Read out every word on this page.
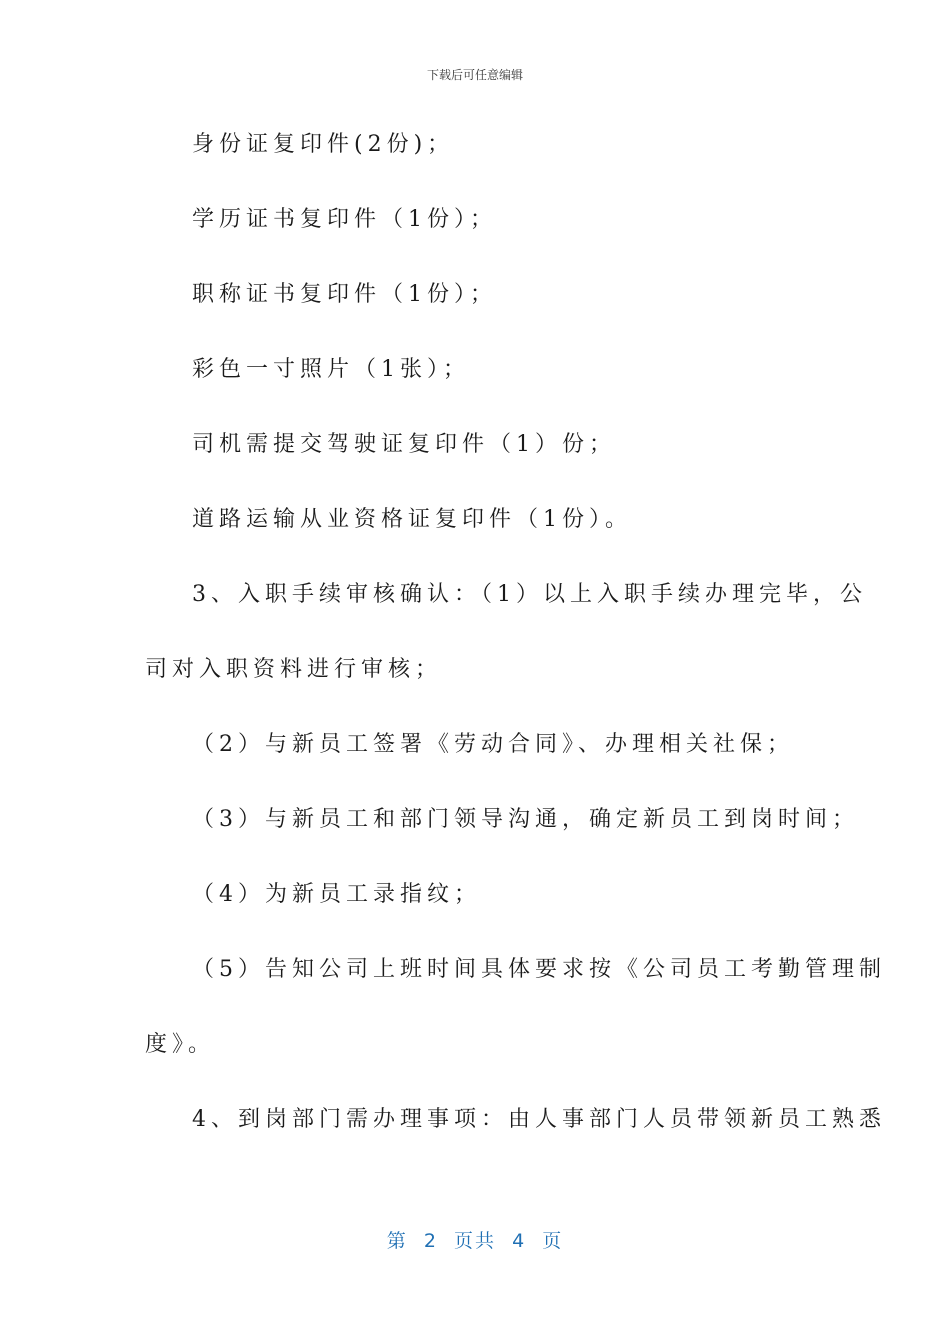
下载后可任意编辑
身份证复印件(2份)；
学历证书复印件（1份）；
职称证书复印件（1份）；
彩色一寸照片（1张）；
司机需提交驾驶证复印件（1）份；
道路运输从业资格证复印件（1份）。
3、入职手续审核确认：（1）以上入职手续办理完毕，公
司对入职资料进行审核；
（2）与新员工签署《劳动合同》、办理相关社保；
（3）与新员工和部门领导沟通，确定新员工到岗时间；
（4）为新员工录指纹；
（5）告知公司上班时间具体要求按《公司员工考勤管理制
度》。
4、到岗部门需办理事项：由人事部门人员带领新员工熟悉
第  2  页共  4  页
